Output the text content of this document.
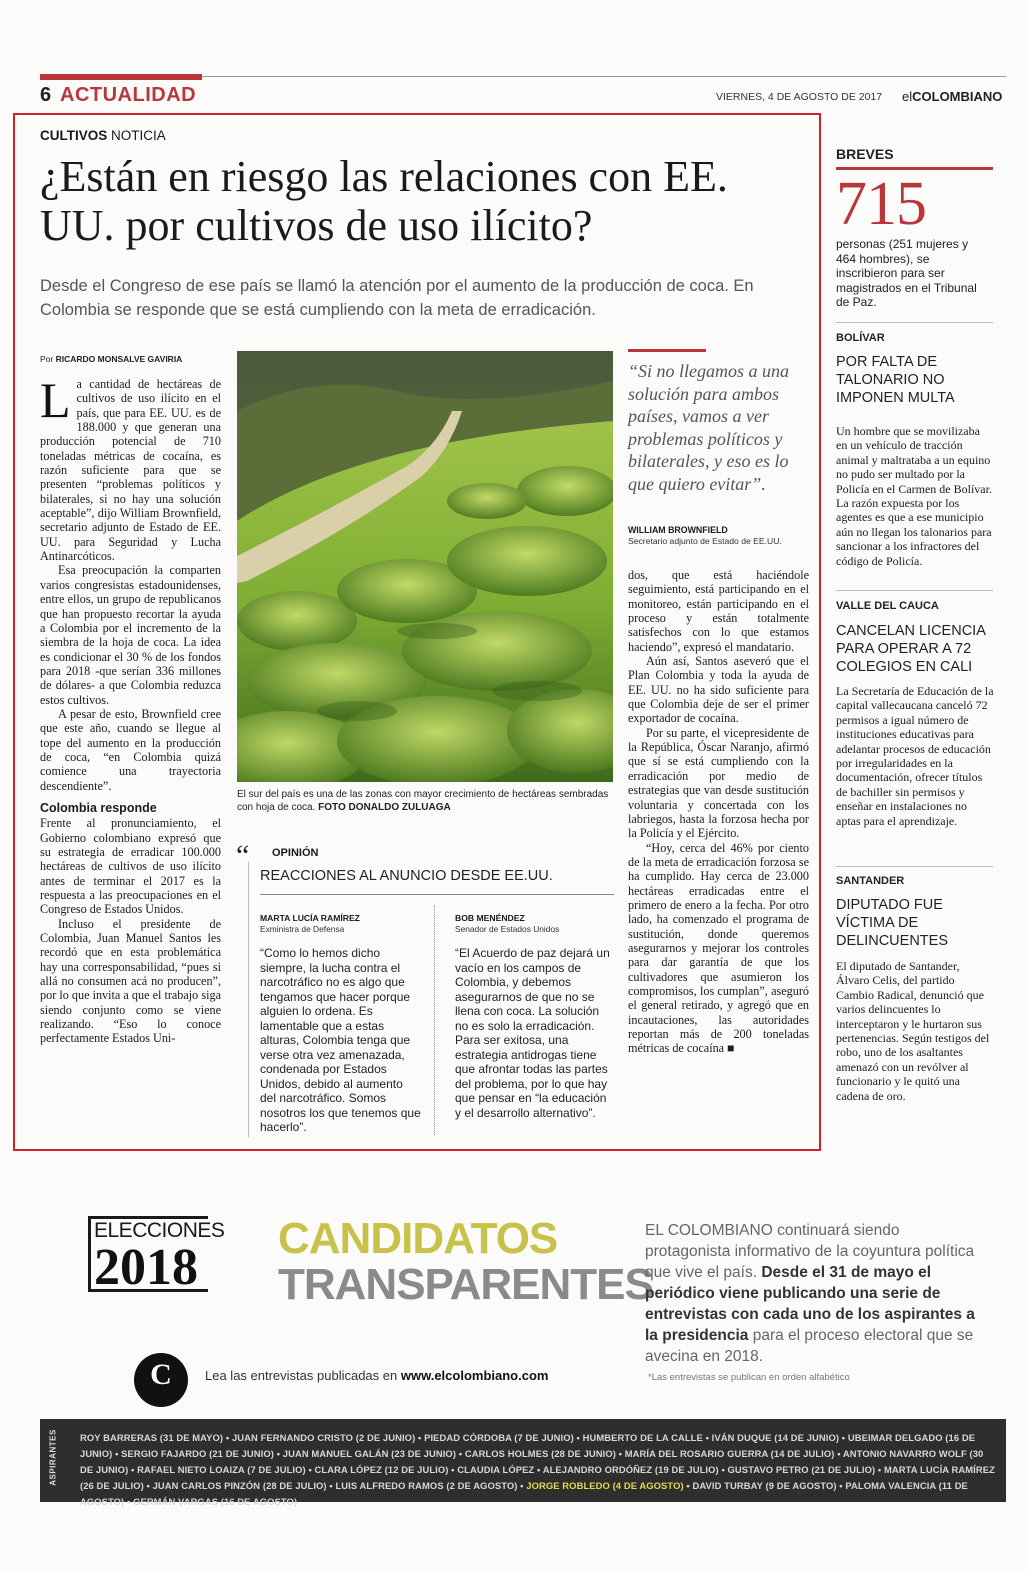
6 ACTUALIDAD	VIERNES, 4 DE AGOSTO DE 2017 elCOLOMBIANO
CULTIVOS NOTICIA
¿Están en riesgo las relaciones con EE. UU. por cultivos de uso ilícito?
Desde el Congreso de ese país se llamó la atención por el aumento de la producción de coca. En Colombia se responde que se está cumpliendo con la meta de erradicación.
Por RICARDO MONSALVE GAVIRIA

La cantidad de hectáreas de cultivos de uso ilícito en el país, que para EE. UU. es de 188.000 y que generan una producción potencial de 710 toneladas métricas de cocaína, es razón suficiente para que se presenten “problemas políticos y bilaterales, si no hay una solución aceptable”, dijo William Brownfield, secretario adjunto de Estado de EE. UU. para Seguridad y Lucha Antinarcóticos.

Esa preocupación la comparten varios congresistas estadounidenses, entre ellos, un grupo de republicanos que han propuesto recortar la ayuda a Colombia por el incremento de la siembra de la hoja de coca. La idea es condicionar el 30 % de los fondos para 2018 -que serían 336 millones de dólares- a que Colombia reduzca estos cultivos.

A pesar de esto, Brownfield cree que este año, cuando se llegue al tope del aumento en la producción de coca, “en Colombia quizá comience una trayectoria descendiente”.

Colombia responde

Frente al pronunciamiento, el Gobierno colombiano expresó que su estrategia de erradicar 100.000 hectáreas de cultivos de uso ilícito antes de terminar el 2017 es la respuesta a las preocupaciones en el Congreso de Estados Unidos.

Incluso el presidente de Colombia, Juan Manuel Santos les recordó que en esta problemática hay una corresponsabilidad, “pues si allá no consumen acá no producen”, por lo que invita a que el trabajo siga siendo conjunto como se viene realizando. “Eso lo conoce perfectamente Estados Uni-

El sur del país es una de las zonas con mayor crecimiento de hectáreas sembradas con hoja de coca. FOTO DONALDO ZULUAGA
“Si no llegamos a una solución para ambos países, vamos a ver problemas políticos y bilaterales, y eso es lo que quiero evitar”.
WILLIAM BROWNFIELD
Secretario adjunto de Estado de EE.UU.

dos, que está haciéndole seguimiento, está participando en el monitoreo, están participando en el proceso y están totalmente satisfechos con lo que estamos haciendo”, expresó el mandatario.

Aún así, Santos aseveró que el Plan Colombia y toda la ayuda de EE. UU. no ha sido suficiente para que Colombia deje de ser el primer exportador de cocaína.

Por su parte, el vicepresidente de la República, Óscar Naranjo, afirmó que sí se está cumpliendo con la erradicación por medio de estrategias que van desde sustitución voluntaria y concertada con los labriegos, hasta la forzosa hecha por la Policía y el Ejército.

“Hoy, cerca del 46% por ciento de la meta de erradicación forzosa se ha cumplido. Hay cerca de 23.000 hectáreas erradicadas entre el primero de enero a la fecha. Por otro lado, ha comenzado el programa de sustitución, donde queremos asegurarnos y mejorar los controles para dar garantía de que los cultivadores que asumieron los compromisos, los cumplan”, aseguró el general retirado, y agregó que en incautaciones, las autoridades reportan más de 200 toneladas métricas de cocaína ■

“ OPINIÓN
REACCIONES AL ANUNCIO DESDE EE.UU.
MARTA LUCÍA RAMÍREZ
Exministra de Defensa
“Como lo hemos dicho siempre, la lucha contra el narcotráfico no es algo que tengamos que hacer porque alguien lo ordena. Es lamentable que a estas alturas, Colombia tenga que verse otra vez amenazada, condenada por Estados Unidos, debido al aumento del narcotráfico. Somos nosotros los que tenemos que hacerlo”.
BOB MENÉNDEZ
Senador de Estados Unidos
“El Acuerdo de paz dejará un vacío en los campos de Colombia, y debemos asegurarnos de que no se llena con coca. La solución no es solo la erradicación. Para ser exitosa, una estrategia antidrogas tiene que afrontar todas las partes del problema, por lo que hay que pensar en “la educación y el desarrollo alternativo”.
BREVES
715
personas (251 mujeres y 464 hombres), se inscribieron para ser magistrados en el Tribunal de Paz.
BOLÍVAR
POR FALTA DE TALONARIO NO IMPONEN MULTA
Un hombre que se movilizaba en un vehículo de tracción animal y maltrataba a un equino no pudo ser multado por la Policía en el Carmen de Bolívar. La razón expuesta por los agentes es que a ese municipio aún no llegan los talonarios para sancionar a los infractores del código de Policía.
VALLE DEL CAUCA
CANCELAN LICENCIA PARA OPERAR A 72 COLEGIOS EN CALI
La Secretaría de Educación de la capital vallecaucana canceló 72 permisos a igual número de instituciones educativas para adelantar procesos de educación por irregularidades en la documentación, ofrecer títulos de bachiller sin permisos y enseñar en instalaciones no aptas para el aprendizaje.
SANTANDER
DIPUTADO FUE VÍCTIMA DE DELINCUENTES
El diputado de Santander, Álvaro Celis, del partido Cambio Radical, denunció que varios delincuentes lo interceptaron y le hurtaron sus pertenencias. Según testigos del robo, uno de los asaltantes amenazó con un revólver al funcionario y le quitó una cadena de oro.
ELECCIONES
2018
CANDIDATOS
TRANSPARENTES
EL COLOMBIANO continuará siendo protagonista informativo de la coyuntura política que vive el país. Desde el 31 de mayo el periódico viene publicando una serie de entrevistas con cada uno de los aspirantes a la presidencia para el proceso electoral que se avecina en 2018.
C	Lea las entrevistas publicadas en www.elcolombiano.com	*Las entrevistas se publican en orden alfabético
ASPIRANTES ROY BARRERAS (31 DE MAYO) • JUAN FERNANDO CRISTO (2 DE JUNIO) • PIEDAD CÓRDOBA (7 DE JUNIO) • HUMBERTO DE LA CALLE • IVÁN DUQUE (14 DE JUNIO) • UBEIMAR DELGADO (16 DE JUNIO) • SERGIO FAJARDO (21 DE JUNIO) • JUAN MANUEL GALÁN (23 DE JUNIO) • CARLOS HOLMES (28 DE JUNIO) • MARÍA DEL ROSARIO GUERRA (14 DE JULIO) • ANTONIO NAVARRO WOLF (30 DE JUNIO) • RAFAEL NIETO LOAIZA (7 DE JULIO) • CLARA LÓPEZ (12 DE JULIO) • CLAUDIA LÓPEZ • ALEJANDRO ORDÓÑEZ (19 DE JULIO) • GUSTAVO PETRO (21 DE JULIO) • MARTA LUCÍA RAMÍREZ (26 DE JULIO) • JUAN CARLOS PINZÓN (28 DE JULIO) • LUIS ALFREDO RAMOS (2 DE AGOSTO) • JORGE ROBLEDO (4 DE AGOSTO) • DAVID TURBAY (9 DE AGOSTO) • PALOMA VALENCIA (11 DE AGOSTO) • GERMÁN VARGAS (16 DE AGOSTO)
